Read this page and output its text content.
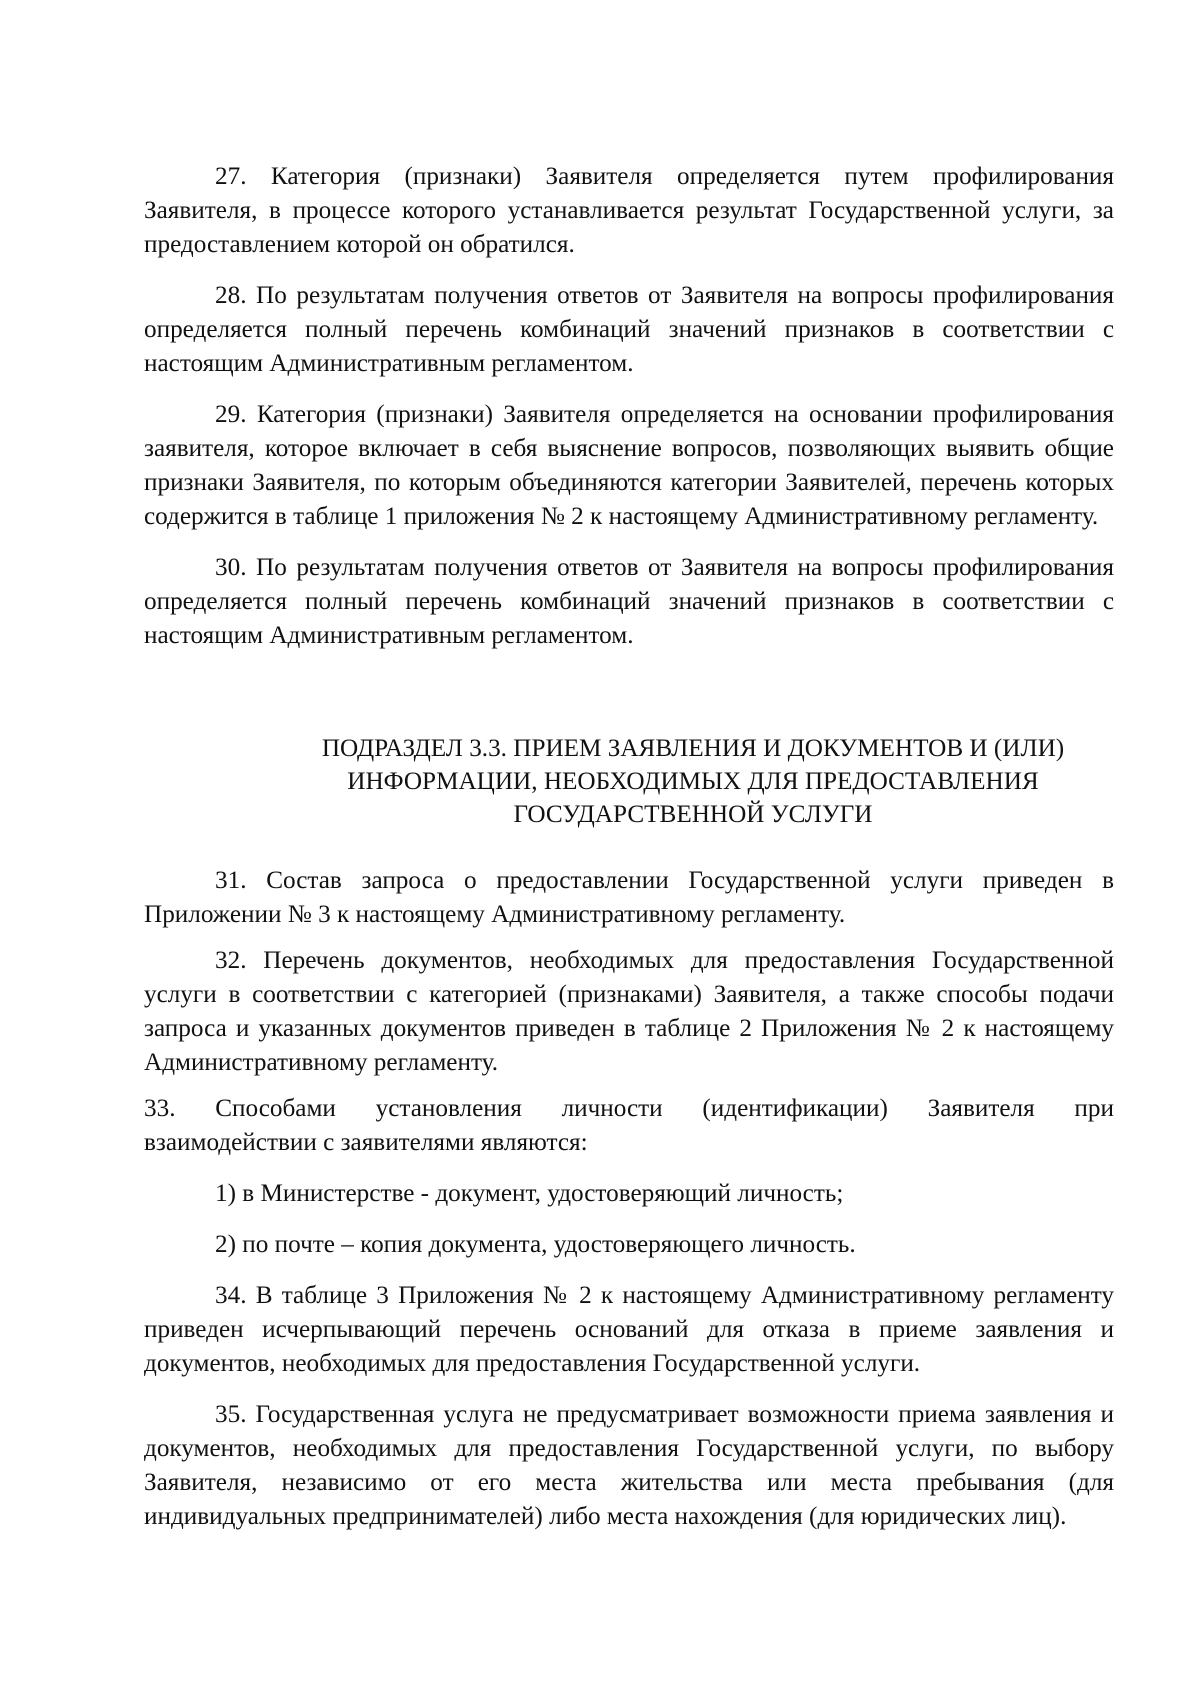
27. Категория (признаки) Заявителя определяется путем профилирования Заявителя, в процессе которого устанавливается результат Государственной услуги, за предоставлением которой он обратился.

28. По результатам получения ответов от Заявителя на вопросы профилирования определяется полный перечень комбинаций значений признаков в соответствии с настоящим Административным регламентом.

29. Категория (признаки) Заявителя определяется на основании профилирования заявителя, которое включает в себя выяснение вопросов, позволяющих выявить общие признаки Заявителя, по которым объединяются категории Заявителей, перечень которых содержится в таблице 1 приложения № 2 к настоящему Административному регламенту.

30. По результатам получения ответов от Заявителя на вопросы профилирования определяется полный перечень комбинаций значений признаков в соответствии с настоящим Административным регламентом.

ПОДРАЗДЕЛ 3.3. ПРИЕМ ЗАЯВЛЕНИЯ И ДОКУМЕНТОВ И (ИЛИ)
ИНФОРМАЦИИ, НЕОБХОДИМЫХ ДЛЯ ПРЕДОСТАВЛЕНИЯ
ГОСУДАРСТВЕННОЙ УСЛУГИ

31. Состав запроса о предоставлении Государственной услуги приведен в Приложении № 3 к настоящему Административному регламенту.

32. Перечень документов, необходимых для предоставления Государственной услуги в соответствии с категорией (признаками) Заявителя, а также способы подачи запроса и указанных документов приведен в таблице 2 Приложения № 2 к настоящему Административному регламенту.

33. Способами установления личности (идентификации) Заявителя при

взаимодействии с заявителями являются:

1) в Министерстве - документ, удостоверяющий личность;

2) по почте – копия документа, удостоверяющего личность.

34. В таблице 3 Приложения № 2 к настоящему Административному регламенту приведен исчерпывающий перечень оснований для отказа в приеме заявления и документов, необходимых для предоставления Государственной услуги.

35. Государственная услуга не предусматривает возможности приема заявления и документов, необходимых для предоставления Государственной услуги, по выбору Заявителя, независимо от его места жительства или места пребывания (для индивидуальных предпринимателей) либо места нахождения (для юридических лиц).
